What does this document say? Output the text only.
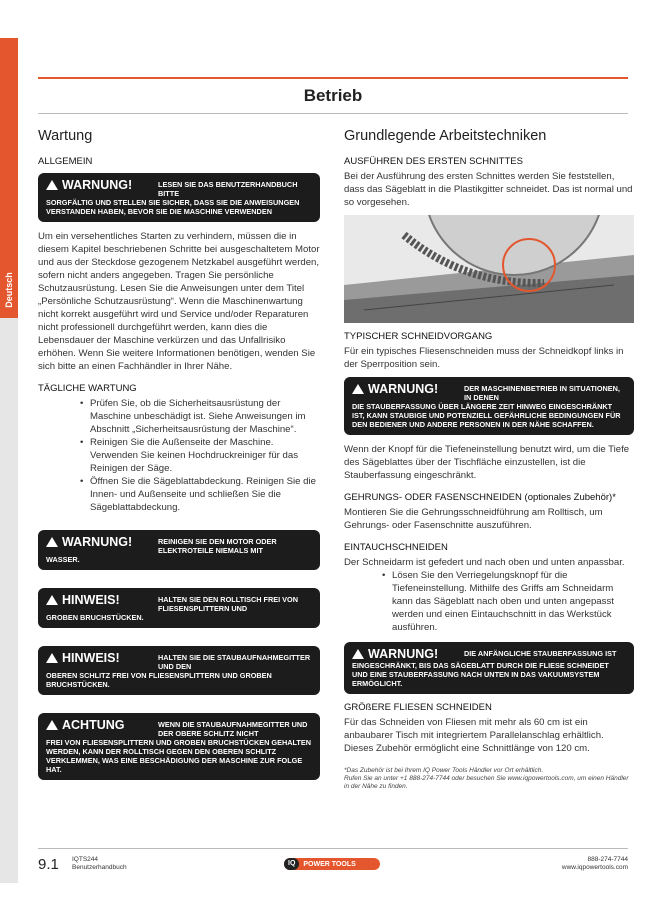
Deutsch
Betrieb
Wartung
ALLGEMEIN
WARNUNG!	LESEN SIE DAS BENUTZERHANDBUCH BITTE
SORGFÄLTIG UND STELLEN SIE SICHER, DASS SIE DIE ANWEISUNGEN VERSTANDEN HABEN, BEVOR SIE DIE MASCHINE VERWENDEN

Um ein versehentliches Starten zu verhindern, müssen die in diesem Kapitel beschriebenen Schritte bei ausgeschaltetem Motor und aus der Steckdose gezogenem Netzkabel ausgeführt werden, sofern nicht anders angegeben. Tragen Sie persönliche Schutzausrüstung. Lesen Sie die Anweisungen unter dem Titel „Persönliche Schutzausrüstung“. Wenn die Maschinenwartung nicht korrekt ausgeführt wird und Service und/oder Reparaturen nicht professionell durchgeführt werden, kann dies die Lebensdauer der Maschine verkürzen und das Unfallrisiko erhöhen. Wenn Sie weitere Informationen benötigen, wenden Sie sich bitte an einen Fachhändler in Ihrer Nähe.

TÄGLICHE WARTUNG
• Prüfen Sie, ob die Sicherheitsausrüstung der Maschine unbeschädigt ist. Siehe Anweisungen im Abschnitt „Sicherheitsausrüstung der Maschine“.
• Reinigen Sie die Außenseite der Maschine. Verwenden Sie keinen Hochdruckreiniger für das Reinigen der Säge.
• Öffnen Sie die Sägeblattabdeckung. Reinigen Sie die Innen- und Außenseite und schließen Sie die Sägeblattabdeckung.
WARNUNG!	REINIGEN SIE DEN MOTOR ODER ELEKTROTEILE NIEMALS MIT
WASSER.
HINWEIS!	HALTEN SIE DEN ROLLTISCH FREI VON FLIESENSPLITTERN UND
GROBEN BRUCHSTÜCKEN.
HINWEIS!	HALTEN SIE DIE STAUBAUFNAHMEGITTER UND DEN
OBEREN SCHLITZ FREI VON FLIESENSPLITTERN UND GROBEN BRUCHSTÜCKEN.
ACHTUNG	WENN DIE STAUBAUFNAHMEGITTER UND DER OBERE SCHLITZ NICHT
FREI VON FLIESENSPLITTERN UND GROBEN BRUCHSTÜCKEN GEHALTEN WERDEN, KANN DER ROLLTISCH GEGEN DEN OBEREN SCHLITZ VERKLEMMEN, WAS EINE BESCHÄDIGUNG DER MASCHINE ZUR FOLGE HAT.
Grundlegende Arbeitstechniken
AUSFÜHREN DES ERSTEN SCHNITTES

Bei der Ausführung des ersten Schnittes werden Sie feststellen, dass das Sägeblatt in die Plastikgitter schneidet. Das ist normal und so vorgesehen.

TYPISCHER SCHNEIDVORGANG

Für ein typisches Fliesenschneiden muss der Schneidkopf links in der Sperrposition sein.

WARNUNG!	DER MASCHINENBETRIEB IN SITUATIONEN, IN DENEN
DIE STAUBERFASSUNG ÜBER LÄNGERE ZEIT HINWEG EINGESCHRÄNKT IST, KANN STAUBIGE UND POTENZIELL GEFÄHRLICHE BEDINGUNGEN FÜR DEN BEDIENER UND ANDERE PERSONEN IN DER NÄHE SCHAFFEN.

Wenn der Knopf für die Tiefeneinstellung benutzt wird, um die Tiefe des Sägeblattes über der Tischfläche einzustellen, ist die Stauberfassung eingeschränkt.

GEHRUNGS- ODER FASENSCHNEIDEN (optionales Zubehör)*

Montieren Sie die Gehrungsschneidführung am Rolltisch, um Gehrungs- oder Fasenschnitte auszuführen.

EINTAUCHSCHNEIDEN

Der Schneidarm ist gefedert und nach oben und unten anpassbar.

• Lösen Sie den Verriegelungsknopf für die Tiefeneinstellung. Mithilfe des Griffs am Schneidarm kann das Sägeblatt nach oben und unten angepasst werden und einen Eintauchschnitt in das Werkstück ausführen.
WARNUNG!	DIE ANFÄNGLICHE STAUBERFASSUNG IST
EINGESCHRÄNKT, BIS DAS SÄGEBLATT DURCH DIE FLIESE SCHNEIDET UND EINE STAUBERFASSUNG NACH UNTEN IN DAS VAKUUMSYSTEM ERMÖGLICHT.
GRÖßERE FLIESEN SCHNEIDEN

Für das Schneiden von Fliesen mit mehr als 60 cm ist ein anbaubarer Tisch mit integriertem Parallelanschlag erhältlich. Dieses Zubehör ermöglicht eine Schnittlänge von 120 cm.

*Das Zubehör ist bei Ihrem IQ Power Tools Händler vor Ort erhältlich.
Rufen Sie an unter +1 888-274-7744 oder besuchen Sie www.iqpowertools.com, um einen Händler in der Nähe zu finden.
9.1 IQTS244
Benutzerhandbuch	IQ	POWER TOOLS
888-274-7744
www.iqpowertools.com
